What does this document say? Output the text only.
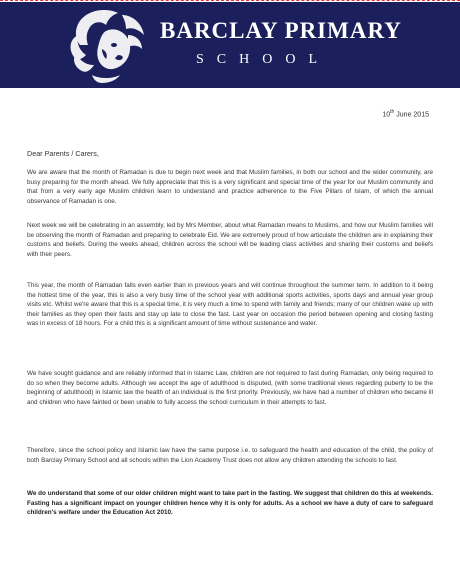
BARCLAY PRIMARY
SCHOOL
10th June 2015
Dear Parents / Carers,
We are aware that the month of Ramadan is due to begin next week and that Muslim families, in both our school and the wider community, are busy preparing for the month ahead. We fully appreciate that this is a very significant and special time of the year for our Muslim community and that from a very early age Muslim children learn to understand and practice adherence to the Five Pillars of Islam, of which the annual observance of Ramadan is one.
Next week we will be celebrating in an assembly, led by Mrs Member, about what Ramadan means to Muslims, and how our Muslim families will be observing the month of Ramadan and preparing to celebrate Eid. We are extremely proud of how articulate the children are in explaining their customs and beliefs. During the weeks ahead, children across the school will be leading class activities and sharing their customs and beliefs with their peers.
This year, the month of Ramadan falls even earlier than in previous years and will continue throughout the summer term. In addition to it being the hottest time of the year, this is also a very busy time of the school year with additional sports activities, sports days and annual year group visits etc. Whilst we're aware that this is a special time, it is very much a time to spend with family and friends; many of our children wake up with their families as they open their fasts and stay up late to close the fast. Last year on occasion the period between opening and closing fasting was in excess of 18 hours. For a child this is a significant amount of time without sustenance and water.
We have sought guidance and are reliably informed that in Islamic Law, children are not required to fast during Ramadan, only being required to do so when they become adults. Although we accept the age of adulthood is disputed, (with some traditional views regarding puberty to be the beginning of adulthood) in Islamic law the health of an individual is the first priority. Previously, we have had a number of children who became ill and children who have fainted or been unable to fully access the school curriculum in their attempts to fast.
Therefore, since the school policy and Islamic law have the same purpose i.e. to safeguard the health and education of the child, the policy of both Barclay Primary School and all schools within the Lion Academy Trust does not allow any children attending the schools to fast.
We do understand that some of our older children might want to take part in the fasting. We suggest that children do this at weekends. Fasting has a significant impact on younger children hence why it is only for adults. As a school we have a duty of care to safeguard children's welfare under the Education Act 2010.
